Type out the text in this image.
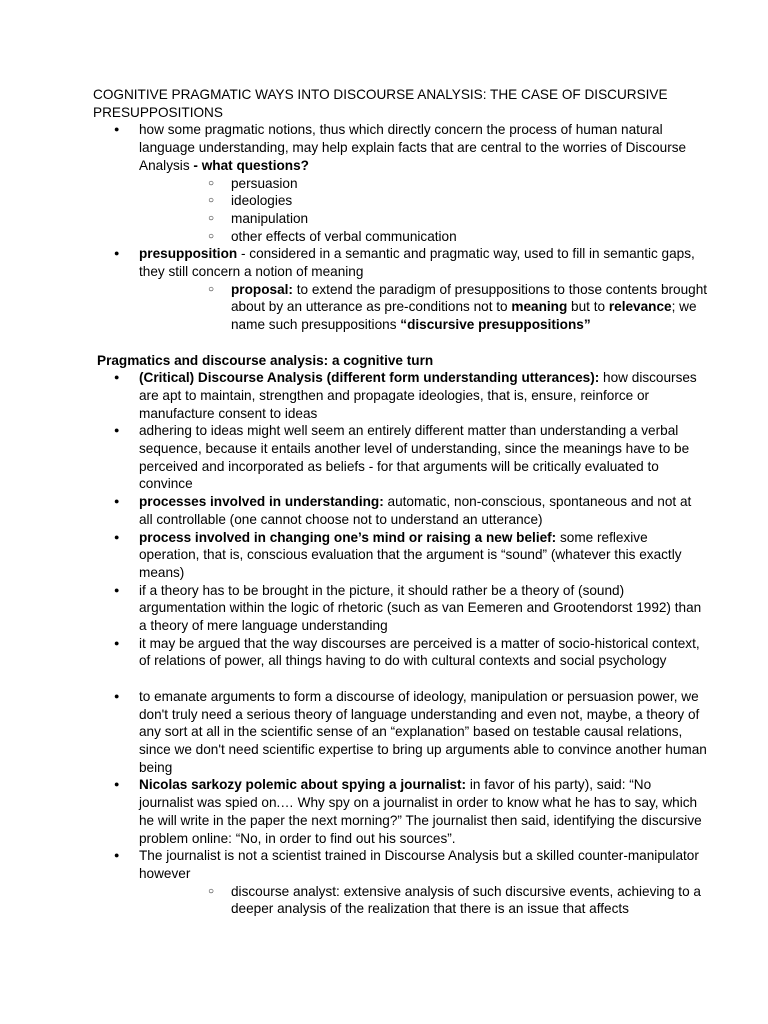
COGNITIVE PRAGMATIC WAYS INTO DISCOURSE ANALYSIS: THE CASE OF DISCURSIVE PRESUPPOSITIONS
● how some pragmatic notions, thus which directly concern the process of human natural language understanding, may help explain facts that are central to the worries of Discourse Analysis - what questions?
○ persuasion
○ ideologies
○ manipulation
○ other effects of verbal communication
● presupposition - considered in a semantic and pragmatic way, used to fill in semantic gaps, they still concern a notion of meaning
○ proposal: to extend the paradigm of presuppositions to those contents brought about by an utterance as pre-conditions not to meaning but to relevance; we name such presuppositions “discursive presuppositions”
Pragmatics and discourse analysis: a cognitive turn
● (Critical) Discourse Analysis (different form understanding utterances): how discourses are apt to maintain, strengthen and propagate ideologies, that is, ensure, reinforce or manufacture consent to ideas
● adhering to ideas might well seem an entirely different matter than understanding a verbal sequence, because it entails another level of understanding, since the meanings have to be perceived and incorporated as beliefs - for that arguments will be critically evaluated to convince
● processes involved in understanding: automatic, non-conscious, spontaneous and not at all controllable (one cannot choose not to understand an utterance)
● process involved in changing one’s mind or raising a new belief: some reflexive operation, that is, conscious evaluation that the argument is “sound” (whatever this exactly means)
● if a theory has to be brought in the picture, it should rather be a theory of (sound) argumentation within the logic of rhetoric (such as van Eemeren and Grootendorst 1992) than a theory of mere language understanding
● it may be argued that the way discourses are perceived is a matter of socio-historical context, of relations of power, all things having to do with cultural contexts and social psychology
● to emanate arguments to form a discourse of ideology, manipulation or persuasion power, we don't truly need a serious theory of language understanding and even not, maybe, a theory of any sort at all in the scientific sense of an “explanation” based on testable causal relations, since we don't need scientific expertise to bring up arguments able to convince another human being
● Nicolas sarkozy polemic about spying a journalist: in favor of his party), said: “No journalist was spied on.… Why spy on a journalist in order to know what he has to say, which he will write in the paper the next morning?” The journalist then said, identifying the discursive problem online: “No, in order to find out his sources”.
● The journalist is not a scientist trained in Discourse Analysis but a skilled counter-manipulator however
○ discourse analyst: extensive analysis of such discursive events, achieving to a deeper analysis of the realization that there is an issue that affects
